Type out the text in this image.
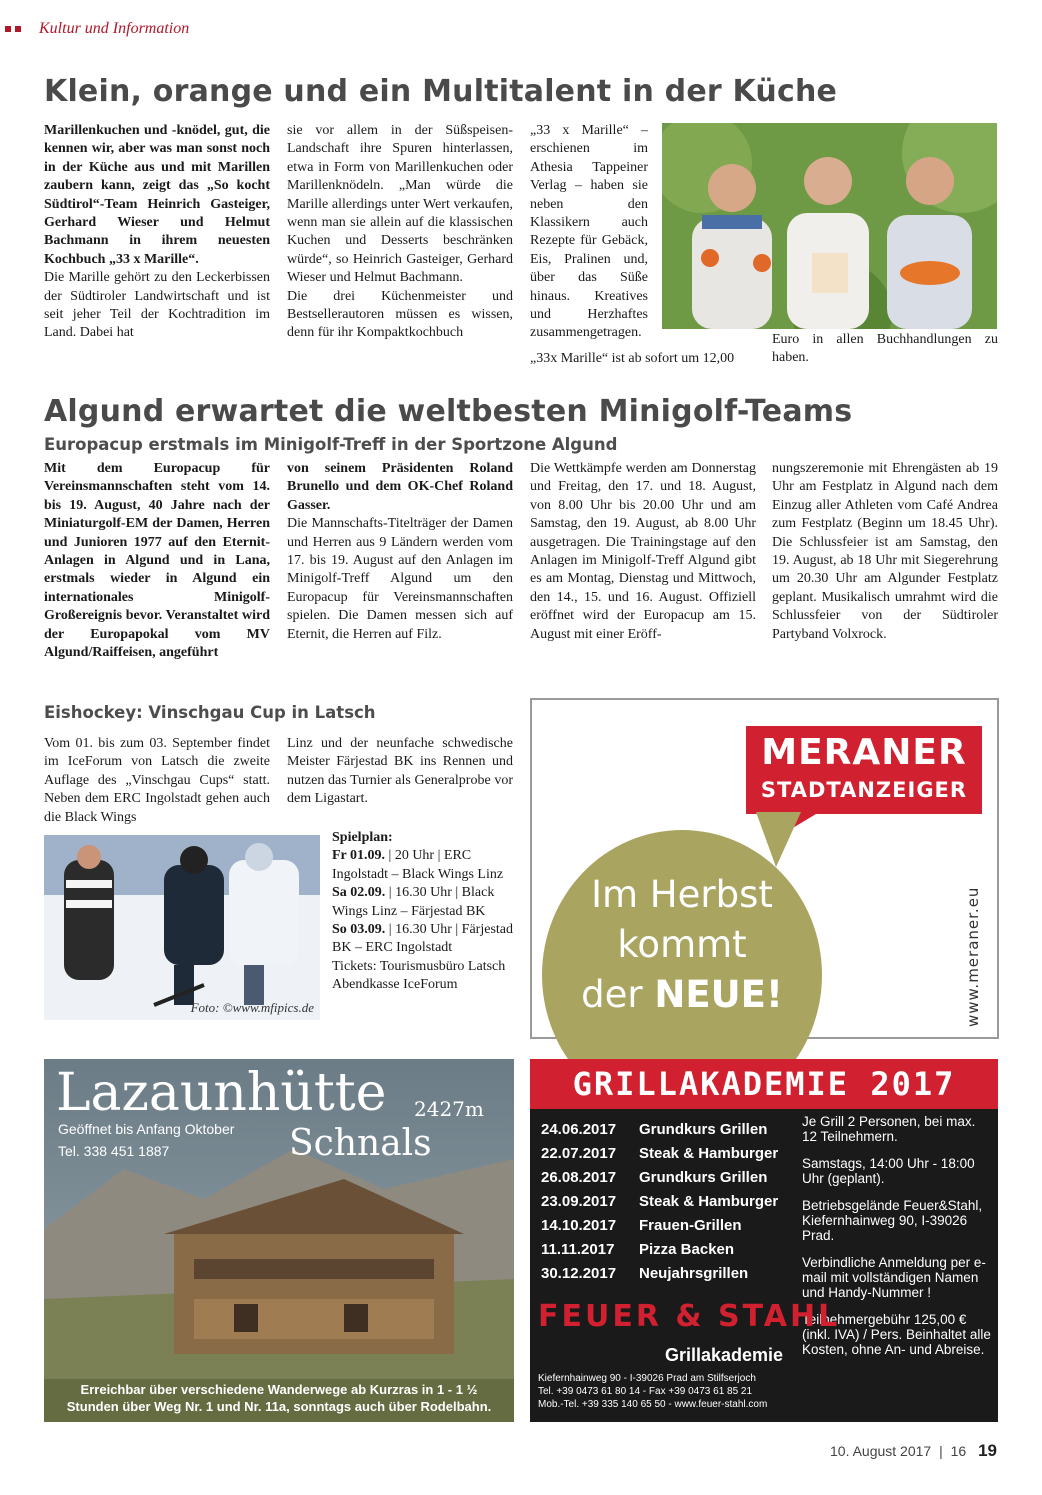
Kultur und Information
Klein, orange und ein Multitalent in der Küche

Marillenkuchen und -knödel, gut, die kennen wir, aber was man sonst noch in der Küche aus und mit Marillen zaubern kann, zeigt das „So kocht Südtirol“-Team Heinrich Gasteiger, Gerhard Wieser und Helmut Bachmann in ihrem neuesten Kochbuch „33 x Marille“.

Die Marille gehört zu den Leckerbissen der Südtiroler Landwirtschaft und ist seit jeher Teil der Kochtradition im Land. Dabei hat

sie vor allem in der Süßspeisen-Landschaft ihre Spuren hinterlassen, etwa in Form von Marillenkuchen oder Marillenknödeln. „Man würde die Marille allerdings unter Wert verkaufen, wenn man sie allein auf die klassischen Kuchen und Desserts beschränken würde“, so Heinrich Gasteiger, Gerhard Wieser und Helmut Bachmann.

Die drei Küchenmeister und Bestsellerautoren müssen es wissen, denn für ihr Kompaktkochbuch

„33 x Marille“ – erschienen im Athesia Tappeiner Verlag – haben sie neben den Klassikern auch Rezepte für Gebäck, Eis, Pralinen und, über das Süße hinaus. Kreatives und Herzhaftes zusammengetragen.

„33x Marille“ ist ab sofort um 12,00

Euro in allen Buchhandlungen zu haben.

Algund erwartet die weltbesten Minigolf-Teams
Europacup erstmals im Minigolf-Treff in der Sportzone Algund

Mit dem Europacup für Vereinsmannschaften steht vom 14. bis 19. August, 40 Jahre nach der Miniaturgolf-EM der Damen, Herren und Junioren 1977 auf den Eternit-Anlagen in Algund und in Lana, erstmals wieder in Algund ein internationales Minigolf-Großereignis bevor. Veranstaltet wird der Europapokal vom MV Algund/Raiffeisen, angeführt

von seinem Präsidenten Roland Brunello und dem OK-Chef Roland Gasser.

Die Mannschafts-Titelträger der Damen und Herren aus 9 Ländern werden vom 17. bis 19. August auf den Anlagen im Minigolf-Treff Algund um den Europacup für Vereinsmannschaften spielen. Die Damen messen sich auf Eternit, die Herren auf Filz.

Die Wettkämpfe werden am Donnerstag und Freitag, den 17. und 18. August, von 8.00 Uhr bis 20.00 Uhr und am Samstag, den 19. August, ab 8.00 Uhr ausgetragen. Die Trainingstage auf den Anlagen im Minigolf-Treff Algund gibt es am Montag, Dienstag und Mittwoch, den 14., 15. und 16. August. Offiziell eröffnet wird der Europacup am 15. August mit einer Eröff-

nungszeremonie mit Ehrengästen ab 19 Uhr am Festplatz in Algund nach dem Einzug aller Athleten vom Café Andrea zum Festplatz (Beginn um 18.45 Uhr). Die Schlussfeier ist am Samstag, den 19. August, ab 18 Uhr mit Siegerehrung um 20.30 Uhr am Algunder Festplatz geplant. Musikalisch umrahmt wird die Schlussfeier von der Südtiroler Partyband Volxrock.

Eishockey: Vinschgau Cup in Latsch

Vom 01. bis zum 03. September findet im IceForum von Latsch die zweite Auflage des „Vinschgau Cups“ statt. Neben dem ERC Ingolstadt gehen auch die Black Wings

Linz und der neunfache schwedische Meister Färjestad BK ins Rennen und nutzen das Turnier als Generalprobe vor dem Ligastart.

Foto: ©www.mfipics.de

Spielplan:

Fr 01.09. | 20 Uhr | ERC Ingolstadt – Black Wings Linz

Sa 02.09. | 16.30 Uhr | Black Wings Linz – Färjestad BK

So 03.09. | 16.30 Uhr | Färjestad BK – ERC Ingolstadt

Tickets: Tourismusbüro Latsch Abendkasse IceForum

MERANER
STADTANZEIGER
Im Herbst
kommt
der NEUE!	www.meraner.eu
Lazaunhütte 2427m
Schnals
Geöffnet bis Anfang Oktober
Tel. 338 451 1887
Erreichbar über verschiedene Wanderwege ab Kurzras in 1 - 1 ½ Stunden über Weg Nr. 1 und Nr. 11a, sonntags auch über Rodelbahn.
GRILLAKADEMIE 2017
24.06.2017	Grundkurs Grillen
22.07.2017	Steak & Hamburger
26.08.2017	Grundkurs Grillen
23.09.2017	Steak & Hamburger
14.10.2017	Frauen-Grillen
11.11.2017	Pizza Backen
30.12.2017	Neujahrsgrillen

Je Grill 2 Personen, bei max. 12 Teilnehmern.

Samstags, 14:00 Uhr - 18:00 Uhr (geplant).

Betriebsgelände Feuer&Stahl, Kiefernhainweg 90, I-39026 Prad.

Verbindliche Anmeldung per e-mail mit vollständigen Namen und Handy-Nummer !

Teilnehmergebühr 125,00 € (inkl. IVA) / Pers. Beinhaltet alle Kosten, ohne An- und Abreise.

FEUER & STAHL
Grillakademie
Kiefernhainweg 90 - I-39026 Prad am Stilfserjoch
Tel. +39 0473 61 80 14 - Fax +39 0473 61 85 21
Mob.-Tel. +39 335 140 65 50 - www.feuer-stahl.com
10. August 2017 | 16 19
